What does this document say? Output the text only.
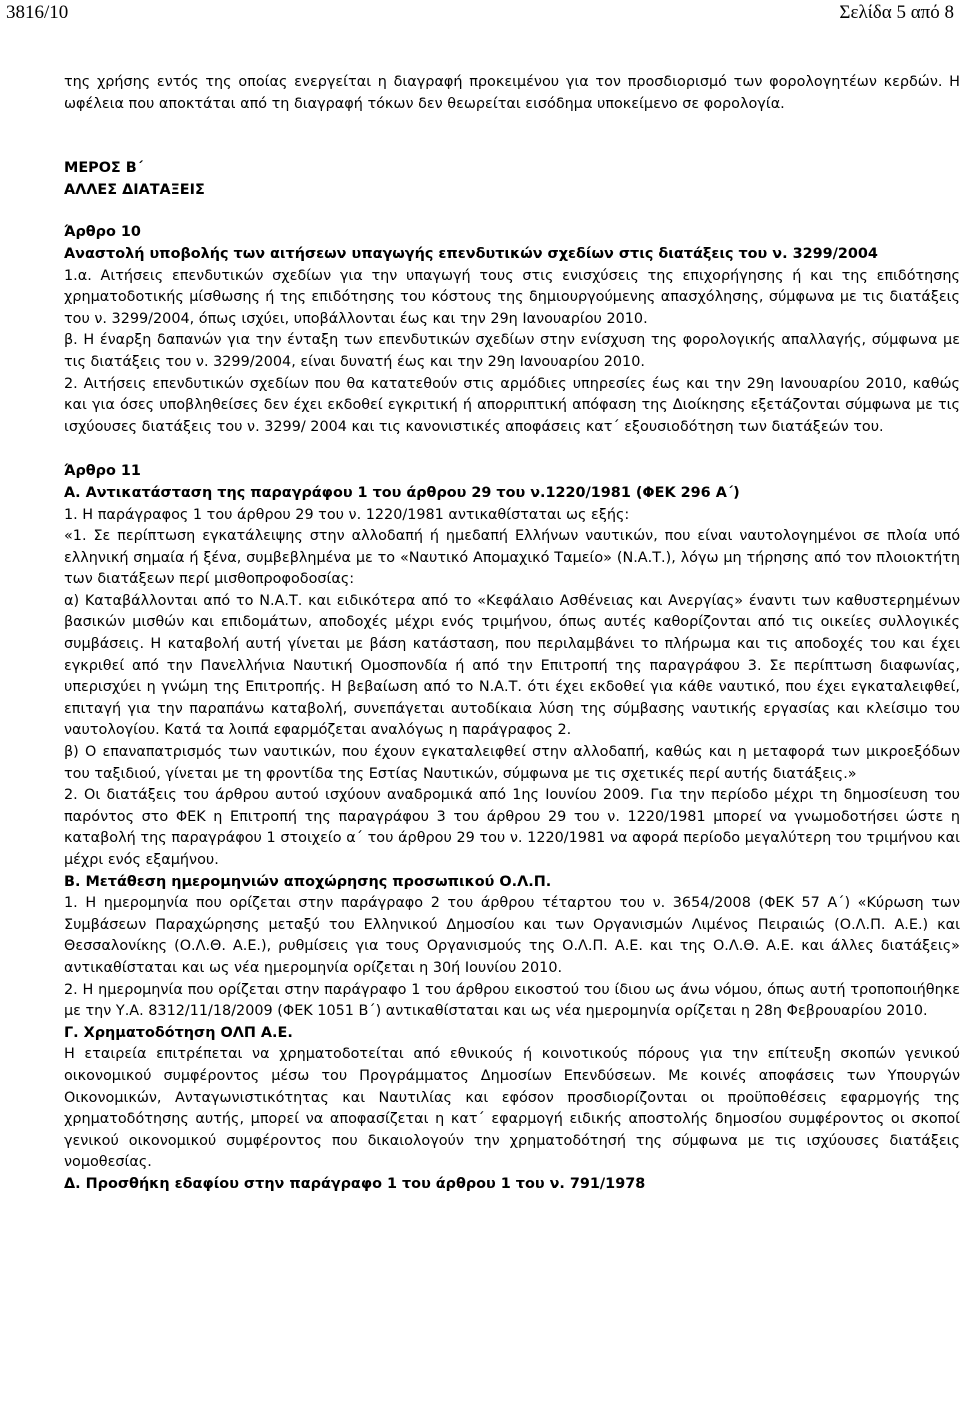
3816/10	Σελίδα 5 από 8

της χρήσης εντός της οποίας ενεργείται η διαγραφή προκειμένου για τον προσδιορισμό των φορολογητέων κερδών. Η ωφέλεια που αποκτάται από τη διαγραφή τόκων δεν θεωρείται εισόδημα υποκείμενο σε φορολογία.

ΜΕΡΟΣ Β΄

ΑΛΛΕΣ ΔΙΑΤΑΞΕΙΣ

Άρθρο 10

Αναστολή υποβολής των αιτήσεων υπαγωγής επενδυτικών σχεδίων στις διατάξεις του ν. 3299/2004

1.α. Αιτήσεις επενδυτικών σχεδίων για την υπαγωγή τους στις ενισχύσεις της επιχορήγησης ή και της επιδότησης χρηματοδοτικής μίσθωσης ή της επιδότησης του κόστους της δημιουργούμενης απασχόλησης, σύμφωνα με τις διατάξεις του ν. 3299/2004, όπως ισχύει, υποβάλλονται έως και την 29η Ιανουαρίου 2010.

β. Η έναρξη δαπανών για την ένταξη των επενδυτικών σχεδίων στην ενίσχυση της φορολογικής απαλλαγής, σύμφωνα με τις διατάξεις του ν. 3299/2004, είναι δυνατή έως και την 29η Ιανουαρίου 2010.

2. Αιτήσεις επενδυτικών σχεδίων που θα κατατεθούν στις αρμόδιες υπηρεσίες έως και την 29η Ιανουαρίου 2010, καθώς και για όσες υποβληθείσες δεν έχει εκδοθεί εγκριτική ή απορριπτική απόφαση της Διοίκησης εξετάζονται σύμφωνα με τις ισχύουσες διατάξεις του ν. 3299/ 2004 και τις κανονιστικές αποφάσεις κατ΄ εξουσιοδότηση των διατάξεών του.

Άρθρο 11

Α. Αντικατάσταση της παραγράφου 1 του άρθρου 29 του ν.1220/1981 (ΦΕΚ 296 Α΄)

1. Η παράγραφος 1 του άρθρου 29 του ν. 1220/1981 αντικαθίσταται ως εξής:

«1. Σε περίπτωση εγκατάλειψης στην αλλοδαπή ή ημεδαπή Ελλήνων ναυτικών, που είναι ναυτολογημένοι σε πλοία υπό ελληνική σημαία ή ξένα, συμβεβλημένα με το «Ναυτικό Απομαχικό Ταμείο» (Ν.Α.Τ.), λόγω μη τήρησης από τον πλοιοκτήτη των διατάξεων περί μισθοπροφοδοσίας:

α) Καταβάλλονται από το Ν.Α.Τ. και ειδικότερα από το «Κεφάλαιο Ασθένειας και Ανεργίας» έναντι των καθυστερημένων βασικών μισθών και επιδομάτων, αποδοχές μέχρι ενός τριμήνου, όπως αυτές καθορίζονται από τις οικείες συλλογικές συμβάσεις. Η καταβολή αυτή γίνεται με βάση κατάσταση, που περιλαμβάνει το πλήρωμα και τις αποδοχές του και έχει εγκριθεί από την Πανελλήνια Ναυτική Ομοσπονδία ή από την Επιτροπή της παραγράφου 3. Σε περίπτωση διαφωνίας, υπερισχύει η γνώμη της Επιτροπής. Η βεβαίωση από το Ν.Α.Τ. ότι έχει εκδοθεί για κάθε ναυτικό, που έχει εγκαταλειφθεί, επιταγή για την παραπάνω καταβολή, συνεπάγεται αυτοδίκαια λύση της σύμβασης ναυτικής εργασίας και κλείσιμο του ναυτολογίου. Κατά τα λοιπά εφαρμόζεται αναλόγως η παράγραφος 2.

β) Ο επαναπατρισμός των ναυτικών, που έχουν εγκαταλειφθεί στην αλλοδαπή, καθώς και η μεταφορά των μικροεξόδων του ταξιδιού, γίνεται με τη φροντίδα της Εστίας Ναυτικών, σύμφωνα με τις σχετικές περί αυτής διατάξεις.»

2. Οι διατάξεις του άρθρου αυτού ισχύουν αναδρομικά από 1ης Ιουνίου 2009. Για την περίοδο μέχρι τη δημοσίευση του παρόντος στο ΦΕΚ η Επιτροπή της παραγράφου 3 του άρθρου 29 του ν. 1220/1981 μπορεί να γνωμοδοτήσει ώστε η καταβολή της παραγράφου 1 στοιχείο α΄ του άρθρου 29 του ν. 1220/1981 να αφορά περίοδο μεγαλύτερη του τριμήνου και μέχρι ενός εξαμήνου.

Β. Μετάθεση ημερομηνιών αποχώρησης προσωπικού Ο.Λ.Π.

1. Η ημερομηνία που ορίζεται στην παράγραφο 2 του άρθρου τέταρτου του ν. 3654/2008 (ΦΕΚ 57 Α΄) «Κύρωση των Συμβάσεων Παραχώρησης μεταξύ του Ελληνικού Δημοσίου και των Οργανισμών Λιμένος Πειραιώς (Ο.Λ.Π. Α.Ε.) και Θεσσαλονίκης (Ο.Λ.Θ. Α.Ε.), ρυθμίσεις για τους Οργανισμούς της Ο.Λ.Π. Α.Ε. και της Ο.Λ.Θ. Α.Ε. και άλλες διατάξεις» αντικαθίσταται και ως νέα ημερομηνία ορίζεται η 30ή Ιουνίου 2010.

2. Η ημερομηνία που ορίζεται στην παράγραφο 1 του άρθρου εικοστού του ίδιου ως άνω νόμου, όπως αυτή τροποποιήθηκε με την Υ.Α. 8312/11/18/2009 (ΦΕΚ 1051 Β΄) αντικαθίσταται και ως νέα ημερομηνία ορίζεται η 28η Φεβρουαρίου 2010.

Γ. Χρηματοδότηση ΟΛΠ Α.Ε.

Η εταιρεία επιτρέπεται να χρηματοδοτείται από εθνικούς ή κοινοτικούς πόρους για την επίτευξη σκοπών γενικού οικονομικού συμφέροντος μέσω του Προγράμματος Δημοσίων Επενδύσεων. Με κοινές αποφάσεις των Υπουργών Οικονομικών, Ανταγωνιστικότητας και Ναυτιλίας και εφόσον προσδιορίζονται οι προϋποθέσεις εφαρμογής της χρηματοδότησης αυτής, μπορεί να αποφασίζεται η κατ΄ εφαρμογή ειδικής αποστολής δημοσίου συμφέροντος οι σκοποί γενικού οικονομικού συμφέροντος που δικαιολογούν την χρηματοδότησή της σύμφωνα με τις ισχύουσες διατάξεις νομοθεσίας.

Δ. Προσθήκη εδαφίου στην παράγραφο 1 του άρθρου 1 του ν. 791/1978
